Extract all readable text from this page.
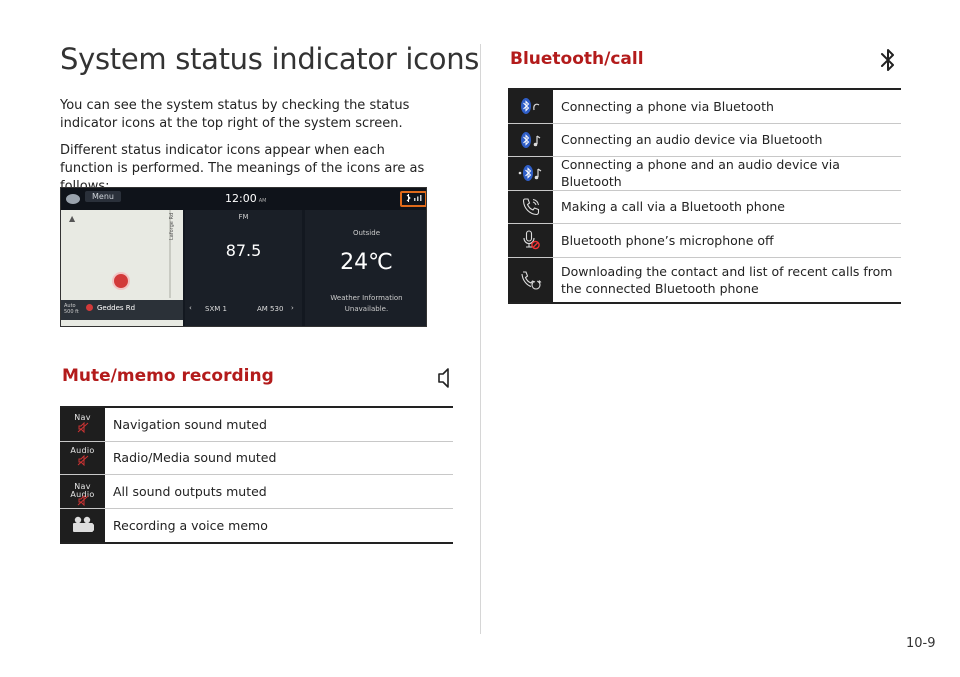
System status indicator icons
You can see the system status by checking the status indicator icons at the top right of the system screen.
Different status indicator icons appear when each function is performed. The meanings of the icons are as
Menu	12:00 AM
▲	Laforge Rd
Auto
500 ft	Geddes Rd
FM
87.5
‹ SXM 1	AM 530 ›
Outside
24℃
Weather Information
Unavailable.
Mute/memo recording
Nav	Navigation sound muted
Audio	Radio/Media sound muted
Nav Audio	All sound outputs muted
Recording a voice memo
Bluetooth/call
Connecting a phone via Bluetooth
Connecting an audio device via Bluetooth
Connecting a phone and an audio device via Bluetooth
Making a call via a Bluetooth phone
Bluetooth phone’s microphone off
Downloading the contact and list of recent calls from the connected Bluetooth phone
10-9
